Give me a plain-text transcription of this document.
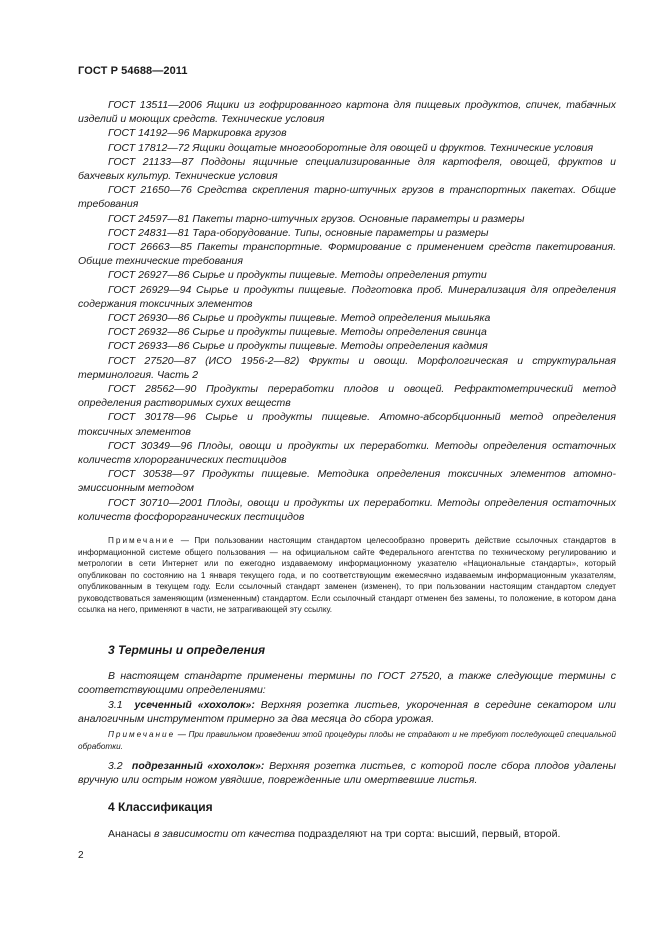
ГОСТ Р 54688—2011

ГОСТ 13511—2006 Ящики из гофрированного картона для пищевых продуктов, спичек, табачных изделий и моющих средств. Технические условия

ГОСТ 14192—96 Маркировка грузов

ГОСТ 17812—72 Ящики дощатые многооборотные для овощей и фруктов. Технические условия

ГОСТ 21133—87 Поддоны ящичные специализированные для картофеля, овощей, фруктов и бахчевых культур. Технические условия

ГОСТ 21650—76 Средства скрепления тарно-штучных грузов в транспортных пакетах. Общие требования

ГОСТ 24597—81 Пакеты тарно-штучных грузов. Основные параметры и размеры

ГОСТ 24831—81 Тара-оборудование. Типы, основные параметры и размеры

ГОСТ 26663—85 Пакеты транспортные. Формирование с применением средств пакетирования. Общие технические требования

ГОСТ 26927—86 Сырье и продукты пищевые. Методы определения ртути

ГОСТ 26929—94 Сырье и продукты пищевые. Подготовка проб. Минерализация для определения содержания токсичных элементов

ГОСТ 26930—86 Сырье и продукты пищевые. Метод определения мышьяка

ГОСТ 26932—86 Сырье и продукты пищевые. Методы определения свинца

ГОСТ 26933—86 Сырье и продукты пищевые. Методы определения кадмия

ГОСТ 27520—87 (ИСО 1956-2—82) Фрукты и овощи. Морфологическая и структуральная терминология. Часть 2

ГОСТ 28562—90 Продукты переработки плодов и овощей. Рефрактометрический метод определения растворимых сухих веществ

ГОСТ 30178—96 Сырье и продукты пищевые. Атомно-абсорбционный метод определения токсичных элементов

ГОСТ 30349—96 Плоды, овощи и продукты их переработки. Методы определения остаточных количеств хлорорганических пестицидов

ГОСТ 30538—97 Продукты пищевые. Методика определения токсичных элементов атомно-эмиссионным методом

ГОСТ 30710—2001 Плоды, овощи и продукты их переработки. Методы определения остаточных количеств фосфорорганических пестицидов

Примечание — При пользовании настоящим стандартом целесообразно проверить действие ссылочных стандартов в информационной системе общего пользования — на официальном сайте Федерального агентства по техническому регулированию и метрологии в сети Интернет или по ежегодно издаваемому информационному указателю «Национальные стандарты», который опубликован по состоянию на 1 января текущего года, и по соответствующим ежемесячно издаваемым информационным указателям, опубликованным в текущем году. Если ссылочный стандарт заменен (изменен), то при пользовании настоящим стандартом следует руководствоваться заменяющим (измененным) стандартом. Если ссылочный стандарт отменен без замены, то положение, в котором дана ссылка на него, применяют в части, не затрагивающей эту ссылку.

3 Термины и определения

В настоящем стандарте применены термины по ГОСТ 27520, а также следующие термины с соответствующими определениями:

3.1 усеченный «хохолок»: Верхняя розетка листьев, укороченная в середине секатором или аналогичным инструментом примерно за два месяца до сбора урожая.

Примечание — При правильном проведении этой процедуры плоды не страдают и не требуют последующей специальной обработки.

3.2 подрезанный «хохолок»: Верхняя розетка листьев, с которой после сбора плодов удалены вручную или острым ножом увядшие, поврежденные или омертвевшие листья.

4 Классификация
Ананасы в зависимости от качества подразделяют на три сорта: высший, первый, второй.
2
